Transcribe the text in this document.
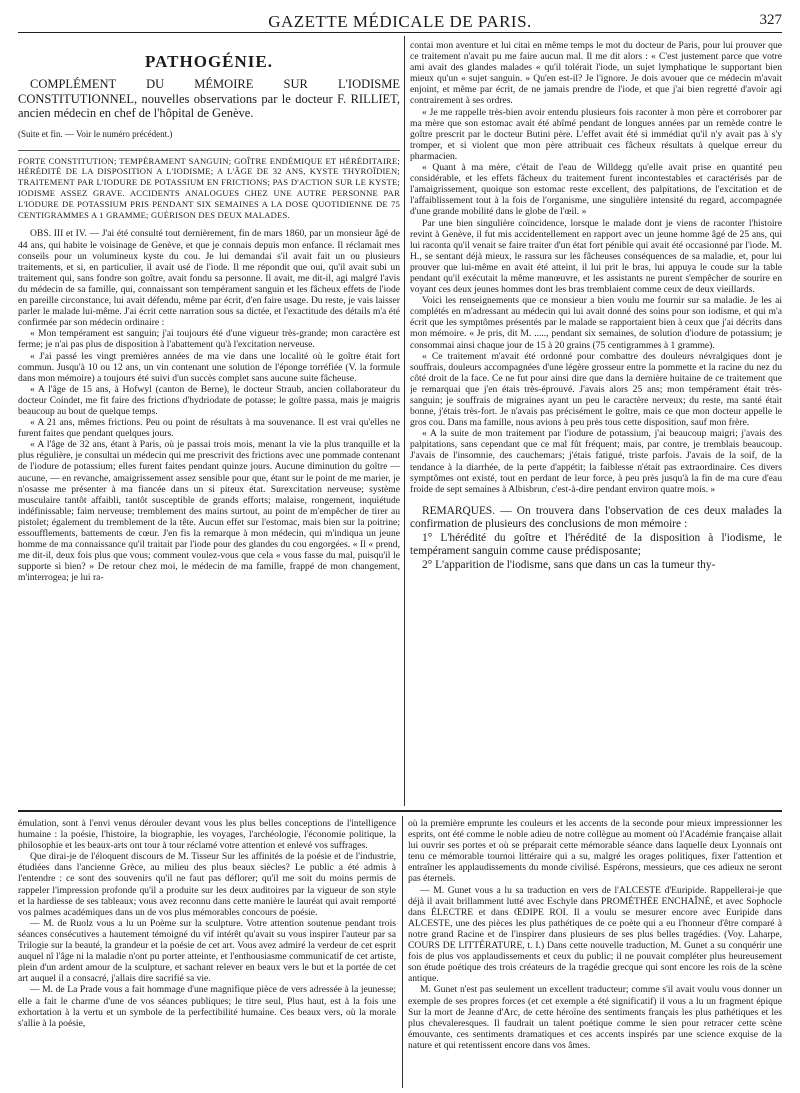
GAZETTE MÉDICALE DE PARIS.	327
PATHOGÉNIE.

COMPLÉMENT DU MÉMOIRE SUR L'IODISME CONSTITUTIONNEL, nouvelles observations par le docteur F. RILLIET, ancien médecin en chef de l'hôpital de Genève.

(Suite et fin. — Voir le numéro précédent.)

FORTE CONSTITUTION; TEMPÉRAMENT SANGUIN; GOÎTRE ENDÉMIQUE ET HÉRÉDITAIRE; HÉRÉDITÉ DE LA DISPOSITION A L'IODISME; A L'ÂGE DE 32 ANS, KYSTE THYROÏDIEN; TRAITEMENT PAR L'IODURE DE POTASSIUM EN FRICTIONS; PAS D'ACTION SUR LE KYSTE; IODISME ASSEZ GRAVE. ACCIDENTS ANALOGUES CHEZ UNE AUTRE PERSONNE PAR L'IODURE DE POTASSIUM PRIS PENDANT SIX SEMAINES A LA DOSE QUOTIDIENNE DE 75 CENTIGRAMMES A 1 GRAMME; GUÉRISON DES DEUX MALADES.

OBS. III et IV. — J'ai été consulté tout dernièrement, fin de mars 1860, par un monsieur âgé de 44 ans, qui habite le voisinage de Genève, et que je connais depuis mon enfance. Il réclamait mes conseils pour un volumineux kyste du cou. Je lui demandai s'il avait fait un ou plusieurs traitements, et si, en particulier, il avait usé de l'iode. Il me répondit que oui, qu'il avait subi un traitement qui, sans fondre son goître, avait fondu sa personne. Il avait, me dit-il, agi malgré l'avis du médecin de sa famille, qui, connaissant son tempérament sanguin et les fâcheux effets de l'iode en pareille circonstance, lui avait défendu, même par écrit, d'en faire usage. Du reste, je vais laisser parler le malade lui-même. J'ai écrit cette narration sous sa dictée, et l'exactitude des détails m'a été confirmée par son médecin ordinaire :

« Mon tempérament est sanguin; j'ai toujours été d'une vigueur très-grande; mon caractère est ferme; je n'ai pas plus de disposition à l'abattement qu'à l'excitation nerveuse.

« J'ai passé les vingt premières années de ma vie dans une localité où le goître était fort commun. Jusqu'à 10 ou 12 ans, un vin contenant une solution de l'éponge torréfiée (V. la formule dans mon mémoire) a toujours été suivi d'un succès complet sans aucune suite fâcheuse.

« A l'âge de 15 ans, à Hofwyl (canton de Berne), le docteur Straub, ancien collaborateur du docteur Coindet, me fit faire des frictions d'hydriodate de potasse; le goître passa, mais je maigris beaucoup au bout de quelque temps.

« A 21 ans, mêmes frictions. Peu ou point de résultats à ma souvenance. Il est vrai qu'elles ne furent faites que pendant quelques jours.

« A l'âge de 32 ans, étant à Paris, où je passai trois mois, menant la vie la plus tranquille et la plus régulière, je consultai un médecin qui me prescrivit des frictions avec une pommade contenant de l'iodure de potassium; elles furent faites pendant quinze jours. Aucune diminution du goître — aucune, — en revanche, amaigrissement assez sensible pour que, étant sur le point de me marier, je n'osasse me présenter à ma fiancée dans un si piteux état. Surexcitation nerveuse; système musculaire tantôt affaibli, tantôt susceptible de grands efforts; malaise, rongement, inquiétude indéfinissable; faim nerveuse; tremblement des mains surtout, au point de m'empêcher de tirer au pistolet; également du tremblement de la tête. Aucun effet sur l'estomac, mais bien sur la poitrine; essoufflements, battements de cœur. J'en fis la remarque à mon médecin, qui m'indiqua un jeune homme de ma connaissance qu'il traitait par l'iode pour des glandes du cou engorgées. « Il « prend, me dit-il, deux fois plus que vous; comment voulez-vous que cela « vous fasse du mal, puisqu'il le supporte si bien? » De retour chez moi, le médecin de ma famille, frappé de mon changement, m'interrogea; je lui ra-

contai mon aventure et lui citai en même temps le mot du docteur de Paris, pour lui prouver que ce traitement n'avait pu me faire aucun mal. Il me dit alors : « C'est justement parce que votre ami avait des glandes malades « qu'il tolérait l'iode, un sujet lymphatique le supportant bien mieux qu'un « sujet sanguin. » Qu'en est-il? Je l'ignore. Je dois avouer que ce médecin m'avait enjoint, et même par écrit, de ne jamais prendre de l'iode, et que j'ai bien regretté d'avoir agi contrairement à ses ordres.

« Je me rappelle très-bien avoir entendu plusieurs fois raconter à mon père et corroborer par ma mère que son estomac avait été abîmé pendant de longues années par un remède contre le goître prescrit par le docteur Butini père. L'effet avait été si immédiat qu'il n'y avait pas à s'y tromper, et si violent que mon père attribuait ces fâcheux résultats à quelque erreur du pharmacien.

« Quant à ma mère, c'était de l'eau de Willdegg qu'elle avait prise en quantité peu considérable, et les effets fâcheux du traitement furent incontestables et caractérisés par de l'amaigrissement, quoique son estomac reste excellent, des palpitations, de l'excitation et de l'affaiblissement tout à la fois de l'organisme, une singulière intensité du regard, accompagnée d'une grande mobilité dans le globe de l'œil. »

Par une bien singulière coïncidence, lorsque le malade dont je viens de raconter l'histoire revint à Genève, il fut mis accidentellement en rapport avec un jeune homme âgé de 25 ans, qui lui raconta qu'il venait se faire traiter d'un état fort pénible qui avait été occasionné par l'iode. M. H., se sentant déjà mieux, le rassura sur les fâcheuses conséquences de sa maladie, et, pour lui prouver que lui-même en avait été atteint, il lui prit le bras, lui appuya le coude sur la table pendant qu'il exécutait la même manœuvre, et les assistants ne purent s'empêcher de sourire en voyant ces deux jeunes hommes dont les bras tremblaient comme ceux de deux vieillards.

Voici les renseignements que ce monsieur a bien voulu me fournir sur sa maladie. Je les ai complétés en m'adressant au médecin qui lui avait donné des soins pour son iodisme, et qui m'a écrit que les symptômes présentés par le malade se rapportaient bien à ceux que j'ai décrits dans mon mémoire. « Je pris, dit M. ....., pendant six semaines, de solution d'iodure de potassium; je consommai ainsi chaque jour de 15 à 20 grains (75 centigrammes à 1 gramme).

« Ce traitement m'avait été ordonné pour combattre des douleurs névralgiques dont je souffrais, douleurs accompagnées d'une légère grosseur entre la pommette et la racine du nez du côté droit de la face. Ce ne fut pour ainsi dire que dans la dernière huitaine de ce traitement que je remarquai que j'en étais très-éprouvé. J'avais alors 25 ans; mon tempérament était très-sanguin; je souffrais de migraines ayant un peu le caractère nerveux; du reste, ma santé était bonne, j'étais très-fort. Je n'avais pas précisément le goître, mais ce que mon docteur appelle le gros cou. Dans ma famille, nous avions à peu près tous cette disposition, sauf mon frère.

« A la suite de mon traitement par l'iodure de potassium, j'ai beaucoup maigri; j'avais des palpitations, sans cependant que ce mal fût fréquent; mais, par contre, je tremblais beaucoup. J'avais de l'insomnie, des cauchemars; j'étais fatigué, triste parfois. J'avais de la soif, de la tendance à la diarrhée, de la perte d'appétit; la faiblesse n'était pas extraordinaire. Ces divers symptômes ont existé, tout en perdant de leur force, à peu près jusqu'à la fin de ma cure d'eau froide de sept semaines à Albisbrun, c'est-à-dire pendant environ quatre mois. »

REMARQUES. — On trouvera dans l'observation de ces deux malades la confirmation de plusieurs des conclusions de mon mémoire :

1° L'hérédité du goître et l'hérédité de la disposition à l'iodisme, le tempérament sanguin comme cause prédisposante;

2° L'apparition de l'iodisme, sans que dans un cas la tumeur thy-

émulation, sont à l'envi venus dérouler devant vous les plus belles conceptions de l'intelligence humaine : la poésie, l'histoire, la biographie, les voyages, l'archéologie, l'économie politique, la philosophie et les beaux-arts ont tour à tour réclamé votre attention et enlevé vos suffrages.

Que dirai-je de l'éloquent discours de M. Tisseur Sur les affinités de la poésie et de l'industrie, étudiées dans l'ancienne Grèce, au milieu des plus beaux siècles? Le public a été admis à l'entendre : ce sont des souvenirs qu'il ne faut pas déflorer; qu'il me soit du moins permis de rappeler l'impression profonde qu'il a produite sur les deux auditoires par la vigueur de son style et la hardiesse de ses tableaux; vous avez reconnu dans cette manière le lauréat qui avait remporté vos palmes académiques dans un de vos plus mémorables concours de poésie.

— M. de Ruolz vous a lu un Poème sur la sculpture. Votre attention soutenue pendant trois séances consécutives a hautement témoigné du vif intérêt qu'avait su vous inspirer l'auteur par sa Trilogie sur la beauté, la grandeur et la poésie de cet art. Vous avez admiré la verdeur de cet esprit auquel nî l'âge ni la maladie n'ont pu porter atteinte, et l'enthousiasme communicatif de cet artiste, plein d'un ardent amour de la sculpture, et sachant relever en beaux vers le but et la portée de cet art auquel il a consacré, j'allais dire sacrifié sa vie.

— M. de La Prade vous a fait hommage d'une magnifique pièce de vers adressée à la jeunesse; elle a fait le charme d'une de vos séances publiques; le titre seul, Plus haut, est à la fois une exhortation à la vertu et un symbole de la perfectibilité humaine. Ces beaux vers, où la morale s'allie à la poésie,

où la première emprunte les couleurs et les accents de la seconde pour mieux impressionner les esprits, ont été comme le noble adieu de notre collègue au moment où l'Académie française allait lui ouvrir ses portes et où se préparait cette mémorable séance dans laquelle deux Lyonnais ont tenu ce mémorable tournoi littéraire qui a su, malgré les orages politiques, fixer l'attention et entraîner les applaudissements du monde civilisé. Espérons, messieurs, que ces adieux ne seront pas éternels.

— M. Gunet vous a lu sa traduction en vers de l'ALCESTE d'Euripide. Rappellerai-je que déjà il avait brillamment lutté avec Eschyle dans PROMÉTHÉE ENCHAÎNÉ, et avec Sophocle dans ÉLECTRE et dans ŒDIPE ROI. Il a voulu se mesurer encore avec Euripide dans ALCESTE, une des pièces les plus pathétiques de ce poète qui a eu l'honneur d'être comparé à notre grand Racine et de l'inspirer dans plusieurs de ses plus belles tragédies. (Voy. Laharpe, COURS DE LITTÉRATURE, t. I.) Dans cette nouvelle traduction, M. Gunet a su conquérir une fois de plus vos applaudissements et ceux du public; il ne pouvait compléter plus heureusement son étude poétique des trois créateurs de la tragédie grecque qui sont encore les rois de la scène antique.

M. Gunet n'est pas seulement un excellent traducteur; comme s'il avait voulu vous donner un exemple de ses propres forces (et cet exemple a été significatif) il vous a lu un fragment épique Sur la mort de Jeanne d'Arc, de cette héroïne des sentiments français les plus pathétiques et les plus chevaleresques. Il faudrait un talent poétique comme le sien pour retracer cette scène émouvante, ces sentiments dramatiques et ces accents inspirés par une science exquise de la nature et qui retentissent encore dans vos âmes.
